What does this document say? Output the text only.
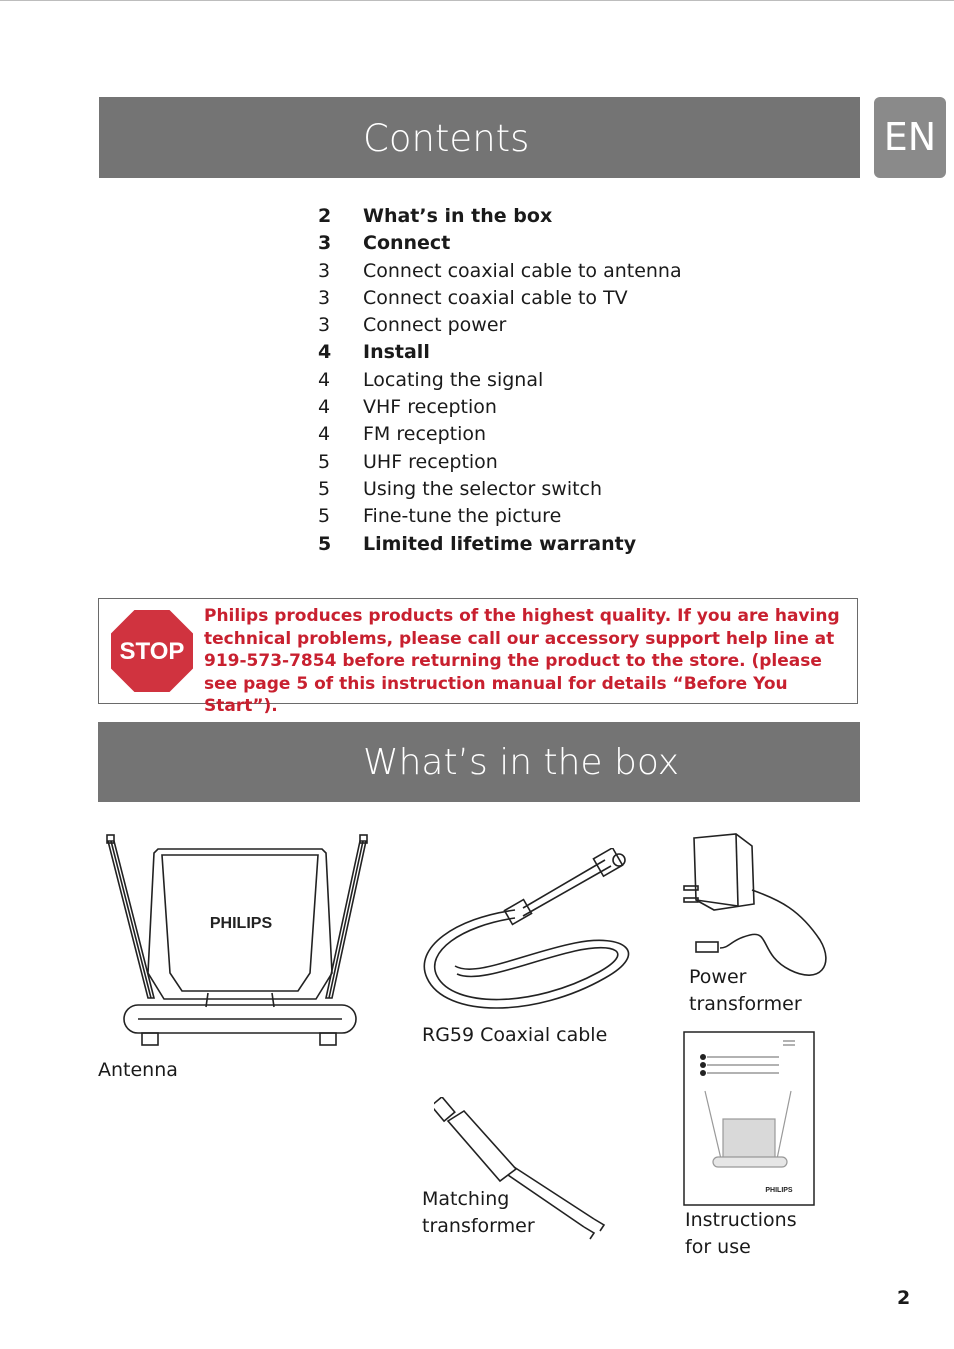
Contents	EN
2	What’s in the box
3	Connect
3	Connect coaxial cable to antenna
3	Connect coaxial cable to TV
3	Connect power
4	Install
4	Locating the signal
4	VHF reception
4	FM reception
5	UHF reception
5	Using the selector switch
5	Fine-tune the picture
5	Limited lifetime warranty
STOP
Philips produces products of the highest quality. If you are having technical problems, please call our accessory support help line at 919-573-7854 before returning the product to the store. (please see page 5 of this instruction manual for details “Before You Start”).
What’s in the box
PHILIPS
Antenna
RG59 Coaxial cable
Power
transformer
Matching
transformer
PHILIPS
Instructions
for use
2
